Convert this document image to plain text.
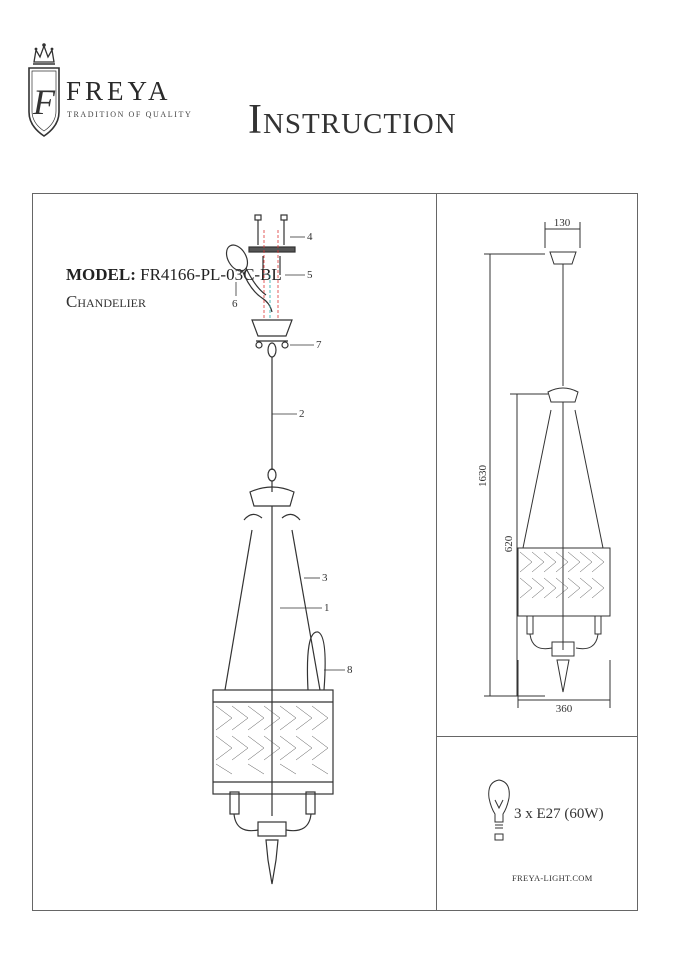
F FREYA
TRADITION OF QUALITY Instruction
MODEL: FR4166-PL-03C-BL
Chandelier
4
5
6
7
2
3
1
8
130
360
1630
620
3 x E27 (60W)
FREYA-LIGHT.COM
